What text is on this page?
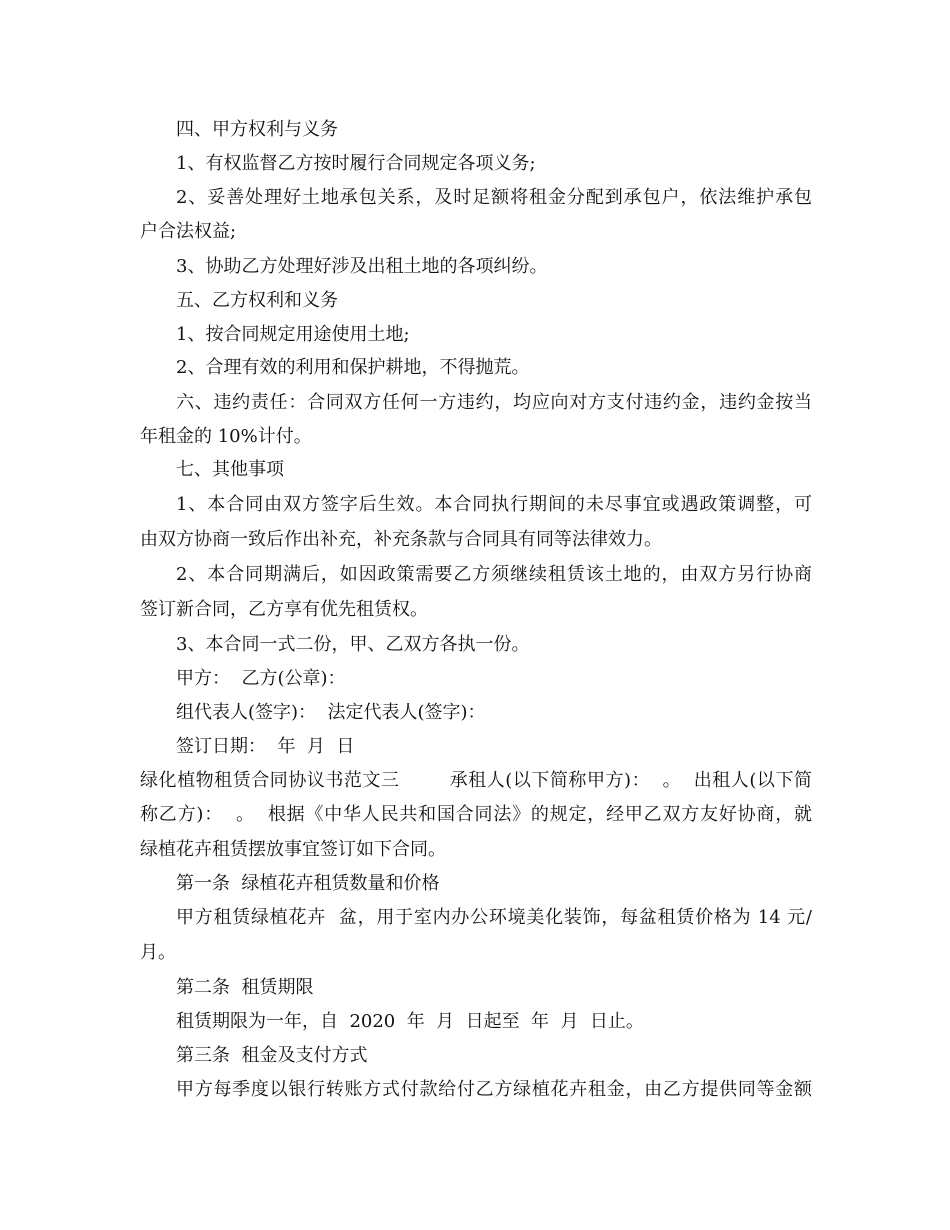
四、甲方权利与义务
1、有权监督乙方按时履行合同规定各项义务;
2、妥善处理好土地承包关系，及时足额将租金分配到承包户，依法维护承包
户合法权益;
3、协助乙方处理好涉及出租土地的各项纠纷。
五、乙方权利和义务
1、按合同规定用途使用土地;
2、合理有效的利用和保护耕地，不得抛荒。
六、违约责任：合同双方任何一方违约，均应向对方支付违约金，违约金按当
年租金的 10%计付。
七、其他事项
1、本合同由双方签字后生效。本合同执行期间的未尽事宜或遇政策调整，可
由双方协商一致后作出补充，补充条款与合同具有同等法律效力。
2、本合同期满后，如因政策需要乙方须继续租赁该土地的，由双方另行协商
签订新合同，乙方享有优先租赁权。
3、本合同一式二份，甲、乙双方各执一份。
甲方：  乙方(公章)：
组代表人(签字)：  法定代表人(签字)：
签订日期：  年  月  日
绿化植物租赁合同协议书范文三        承租人(以下简称甲方)：  。  出租人(以下简
称乙方)：  。  根据《中华人民共和国合同法》的规定，经甲乙双方友好协商，就
绿植花卉租赁摆放事宜签订如下合同。
第一条  绿植花卉租赁数量和价格
甲方租赁绿植花卉  盆，用于室内办公环境美化装饰，每盆租赁价格为 14 元/
月。
第二条  租赁期限
租赁期限为一年，自  2020  年  月  日起至  年  月  日止。
第三条  租金及支付方式
甲方每季度以银行转账方式付款给付乙方绿植花卉租金，由乙方提供同等金额
